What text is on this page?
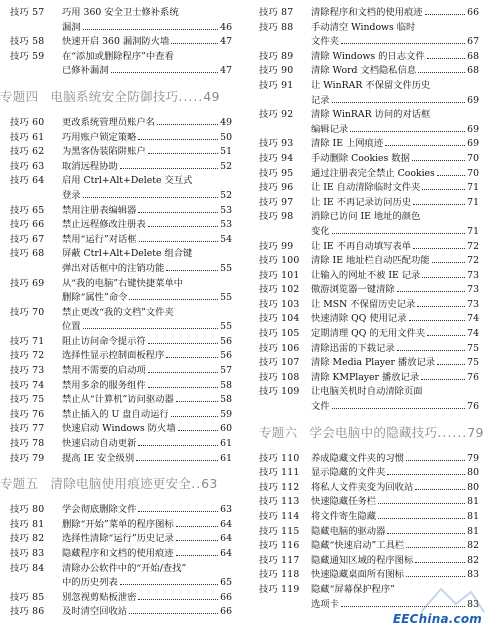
技巧 57	巧用 360 安全卫士修补系统
漏洞	46
技巧 58	快速开启 360 漏洞防火墙	47
技巧 59	在“添加或删除程序”中查看
已修补漏洞	47
专题四 电脑系统安全防御技巧.....49
技巧 60	更改系统管理员账户名	49
技巧 61	巧用账户锁定策略	50
技巧 62	为黑客伪装陷阱账户	51
技巧 63	取消远程协助	52
技巧 64	启用 Ctrl+Alt+Delete 交互式
登录	52
技巧 65	禁用注册表编辑器	53
技巧 66	禁止远程修改注册表	53
技巧 67	禁用“运行”对话框	54
技巧 68	屏蔽 Ctrl+Alt+Delete 组合键
弹出对话框中的注销功能	55
技巧 69	从“我的电脑”右键快捷菜单中
删除“属性”命令	55
技巧 70	禁止更改“我的文档”文件夹
位置	55
技巧 71	阻止访问命令提示符	56
技巧 72	选择性显示控制面板程序	56
技巧 73	禁用不需要的启动项	57
技巧 74	禁用多余的服务组件	58
技巧 75	禁止从“计算机”访问驱动器	58
技巧 76	禁止插入的 U 盘自动运行	59
技巧 77	快速启动 Windows 防火墙	60
技巧 78	快速启动自动更新	61
技巧 79	提高 IE 安全级别	61
专题五 清除电脑使用痕迹更安全..63
技巧 80	学会彻底删除文件	63
技巧 81	删除“开始”菜单的程序图标	64
技巧 82	选择性清除“运行”历史记录	64
技巧 83	隐藏程序和文档的使用痕迹	64
技巧 84	清除办公软件中的“开始/查找”
中的历史列表	65
技巧 85	别忽视剪贴板泄密	66
技巧 86	及时清空回收站	66
技巧 87	清除程序和文档的使用痕迹	66
技巧 88	手动清空 Windows 临时
文件夹	67
技巧 89	清除 Windows 的日志文件	68
技巧 90	清除 Word 文档隐私信息	68
技巧 91	让 WinRAR 不保留文件历史
记录	69
技巧 92	清除 WinRAR 访问的对话框
编辑记录	69
技巧 93	清除 IE 上网痕迹	69
技巧 94	手动删除 Cookies 数据	70
技巧 95	通过注册表完全禁止 Cookies	70
技巧 96	让 IE 自动清除临时文件夹	71
技巧 97	让 IE 不再记录访问历史	71
技巧 98	消除已访问 IE 地址的颜色
变化	71
技巧 99	让 IE 不再自动填写表单	72
技巧 100	清除 IE 地址栏自动匹配功能	72
技巧 101	让输入的网址不被 IE 记录	73
技巧 102	傲游浏览器一键清除	73
技巧 103	让 MSN 不保留历史记录	73
技巧 104	快速清除 QQ 使用记录	74
技巧 105	定期清理 QQ 的无用文件夹	74
技巧 106	清除迅雷的下载记录	75
技巧 107	清除 Media Player 播放记录	75
技巧 108	清除 KMPlayer 播放记录	76
技巧 109	让电脑关机时自动清除页面
文件	76
专题六 学会电脑中的隐藏技巧......79
技巧 110	养成隐藏文件夹的习惯	79
技巧 111	显示隐藏的文件夹	80
技巧 112	将私人文件夹变为回收站	80
技巧 113	快速隐藏任务栏	81
技巧 114	将文件寄生隐藏	81
技巧 115	隐藏电脑的驱动器	81
技巧 116	隐藏“快速启动”工具栏	82
技巧 117	隐藏通知区域的程序图标	82
技巧 118	快速隐藏桌面所有图标	83
技巧 119	隐藏“屏幕保护程序”
选项卡	83
EEChina.com
